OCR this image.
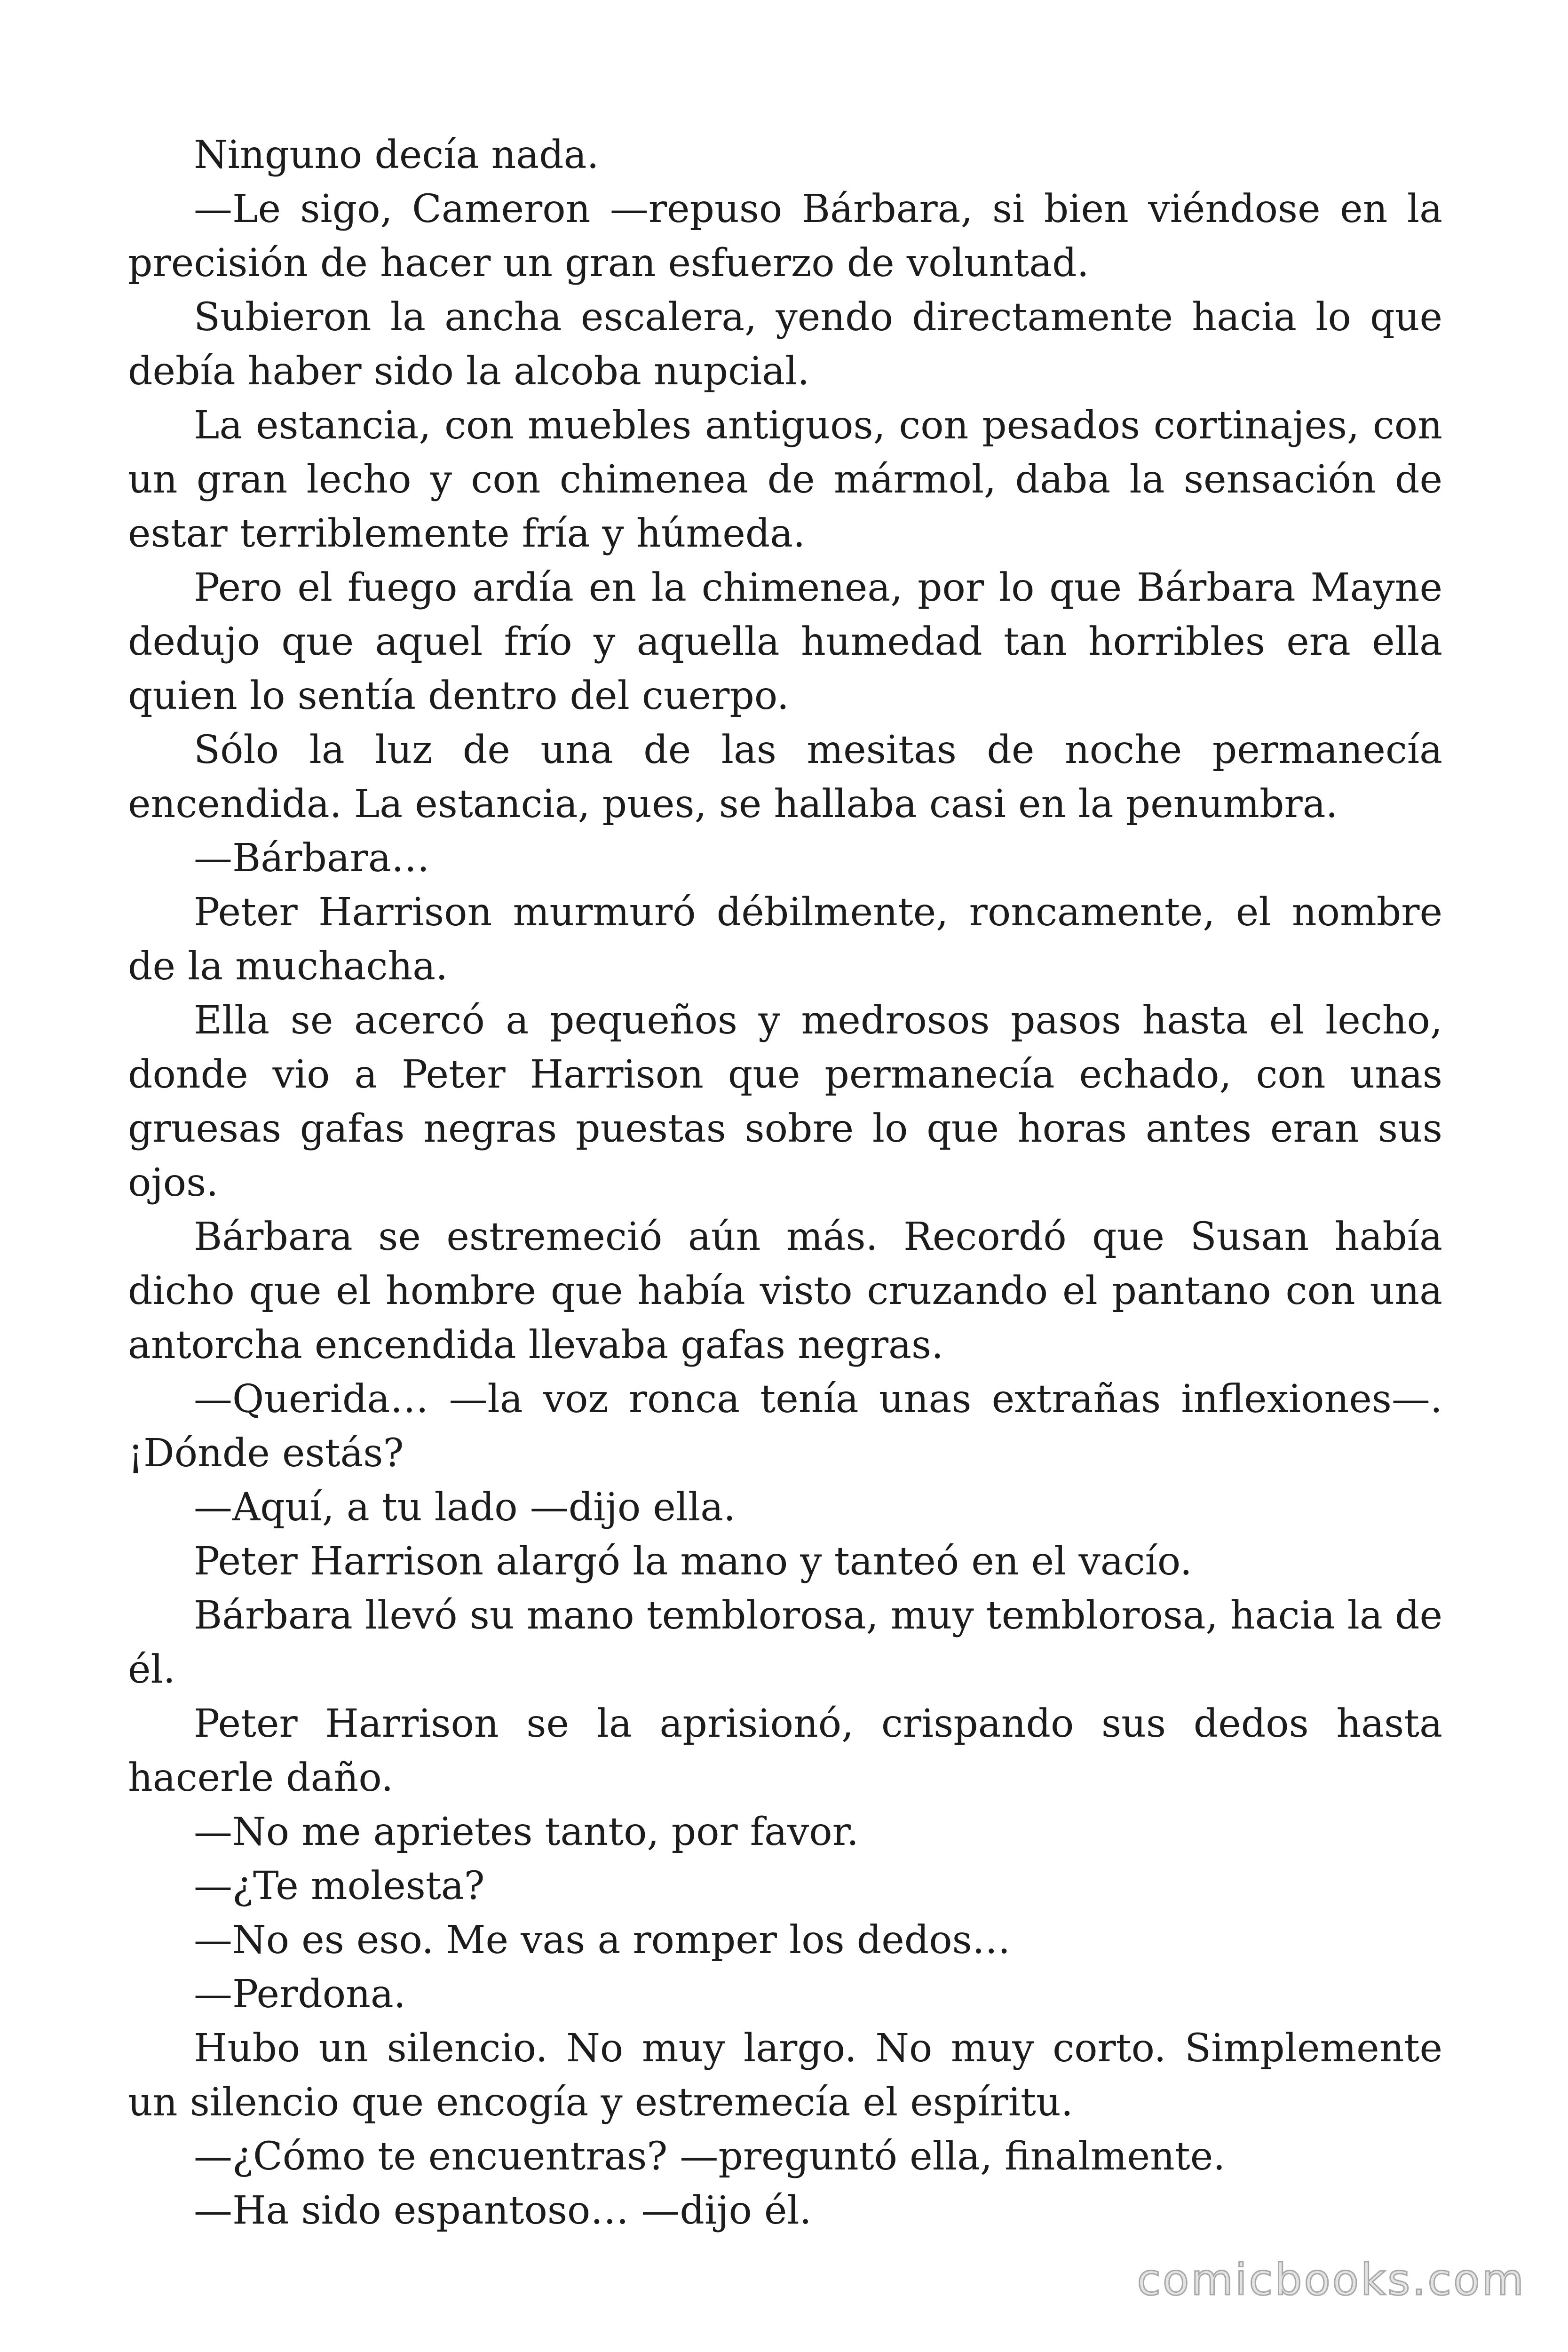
Ninguno decía nada.

—Le sigo, Cameron —repuso Bárbara, si bien viéndose en la precisión de hacer un gran esfuerzo de voluntad.

Subieron la ancha escalera, yendo directamente hacia lo que debía haber sido la alcoba nupcial.

La estancia, con muebles antiguos, con pesados cortinajes, con un gran lecho y con chimenea de mármol, daba la sensación de estar terriblemente fría y húmeda.

Pero el fuego ardía en la chimenea, por lo que Bárbara Mayne dedujo que aquel frío y aquella humedad tan horribles era ella quien lo sentía dentro del cuerpo.

Sólo la luz de una de las mesitas de noche permanecía encendida. La estancia, pues, se hallaba casi en la penumbra.

—Bárbara…

Peter Harrison murmuró débilmente, roncamente, el nombre de la muchacha.

Ella se acercó a pequeños y medrosos pasos hasta el lecho, donde vio a Peter Harrison que permanecía echado, con unas gruesas gafas negras puestas sobre lo que horas antes eran sus ojos.

Bárbara se estremeció aún más. Recordó que Susan había dicho que el hombre que había visto cruzando el pantano con una antorcha encendida llevaba gafas negras.

—Querida… —la voz ronca tenía unas extrañas inflexiones—. ¡Dónde estás?

—Aquí, a tu lado —dijo ella.

Peter Harrison alargó la mano y tanteó en el vacío.

Bárbara llevó su mano temblorosa, muy temblorosa, hacia la de él.

Peter Harrison se la aprisionó, crispando sus dedos hasta hacerle daño.

—No me aprietes tanto, por favor.

—¿Te molesta?

—No es eso. Me vas a romper los dedos…

—Perdona.

Hubo un silencio. No muy largo. No muy corto. Simplemente un silencio que encogía y estremecía el espíritu.

—¿Cómo te encuentras? —preguntó ella, finalmente.

—Ha sido espantoso… —dijo él.

comicbooks.com
